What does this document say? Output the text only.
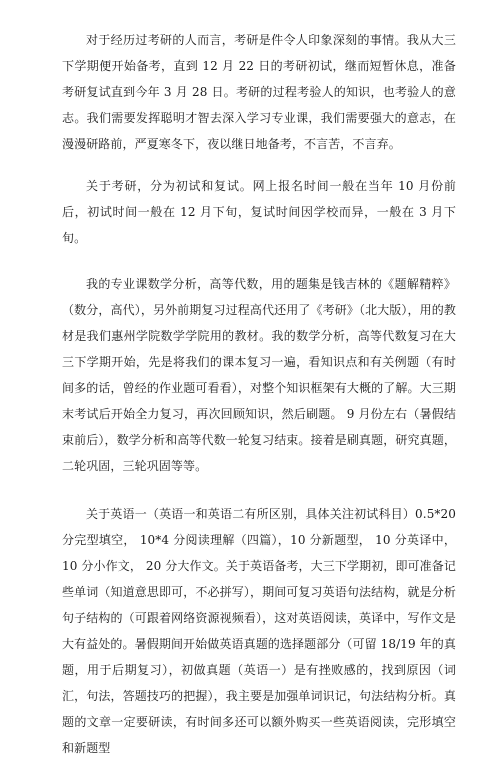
对于经历过考研的人而言，考研是件令人印象深刻的事情。我从大三下学期便开始备考，直到 12 月 22 日的考研初试，继而短暂休息，准备考研复试直到今年 3 月 28 日。考研的过程考验人的知识，也考验人的意志。我们需要发挥聪明才智去深入学习专业课，我们需要强大的意志，在漫漫研路前，严夏寒冬下，夜以继日地备考，不言苦，不言弃。

关于考研，分为初试和复试。网上报名时间一般在当年 10 月份前后，初试时间一般在 12 月下旬，复试时间因学校而异，一般在 3 月下旬。

我的专业课数学分析，高等代数，用的题集是钱吉林的《题解精粹》（数分，高代），另外前期复习过程高代还用了《考研》（北大版），用的教材是我们惠州学院数学学院用的教材。我的数学分析，高等代数复习在大三下学期开始，先是将我们的课本复习一遍，看知识点和有关例题（有时间多的话，曾经的作业题可看看），对整个知识框架有大概的了解。大三期末考试后开始全力复习，再次回顾知识，然后刷题。 9 月份左右（暑假结束前后），数学分析和高等代数一轮复习结束。接着是刷真题，研究真题，二轮巩固，三轮巩固等等。

关于英语一（英语一和英语二有所区别，具体关注初试科目）0.5*20分完型填空， 10*4 分阅读理解（四篇），10 分新题型， 10 分英译中， 10 分小作文， 20 分大作文。关于英语备考，大三下学期初，即可准备记些单词（知道意思即可，不必拼写），期间可复习英语句法结构，就是分析句子结构的（可跟着网络资源视频看），这对英语阅读，英译中，写作文是大有益处的。暑假期间开始做英语真题的选择题部分（可留 18/19 年的真题，用于后期复习），初做真题（英语一）是有挫败感的，找到原因（词汇，句法，答题技巧的把握），我主要是加强单词识记，句法结构分析。真题的文章一定要研读，有时间多还可以额外购买一些英语阅读，完形填空和新题型
